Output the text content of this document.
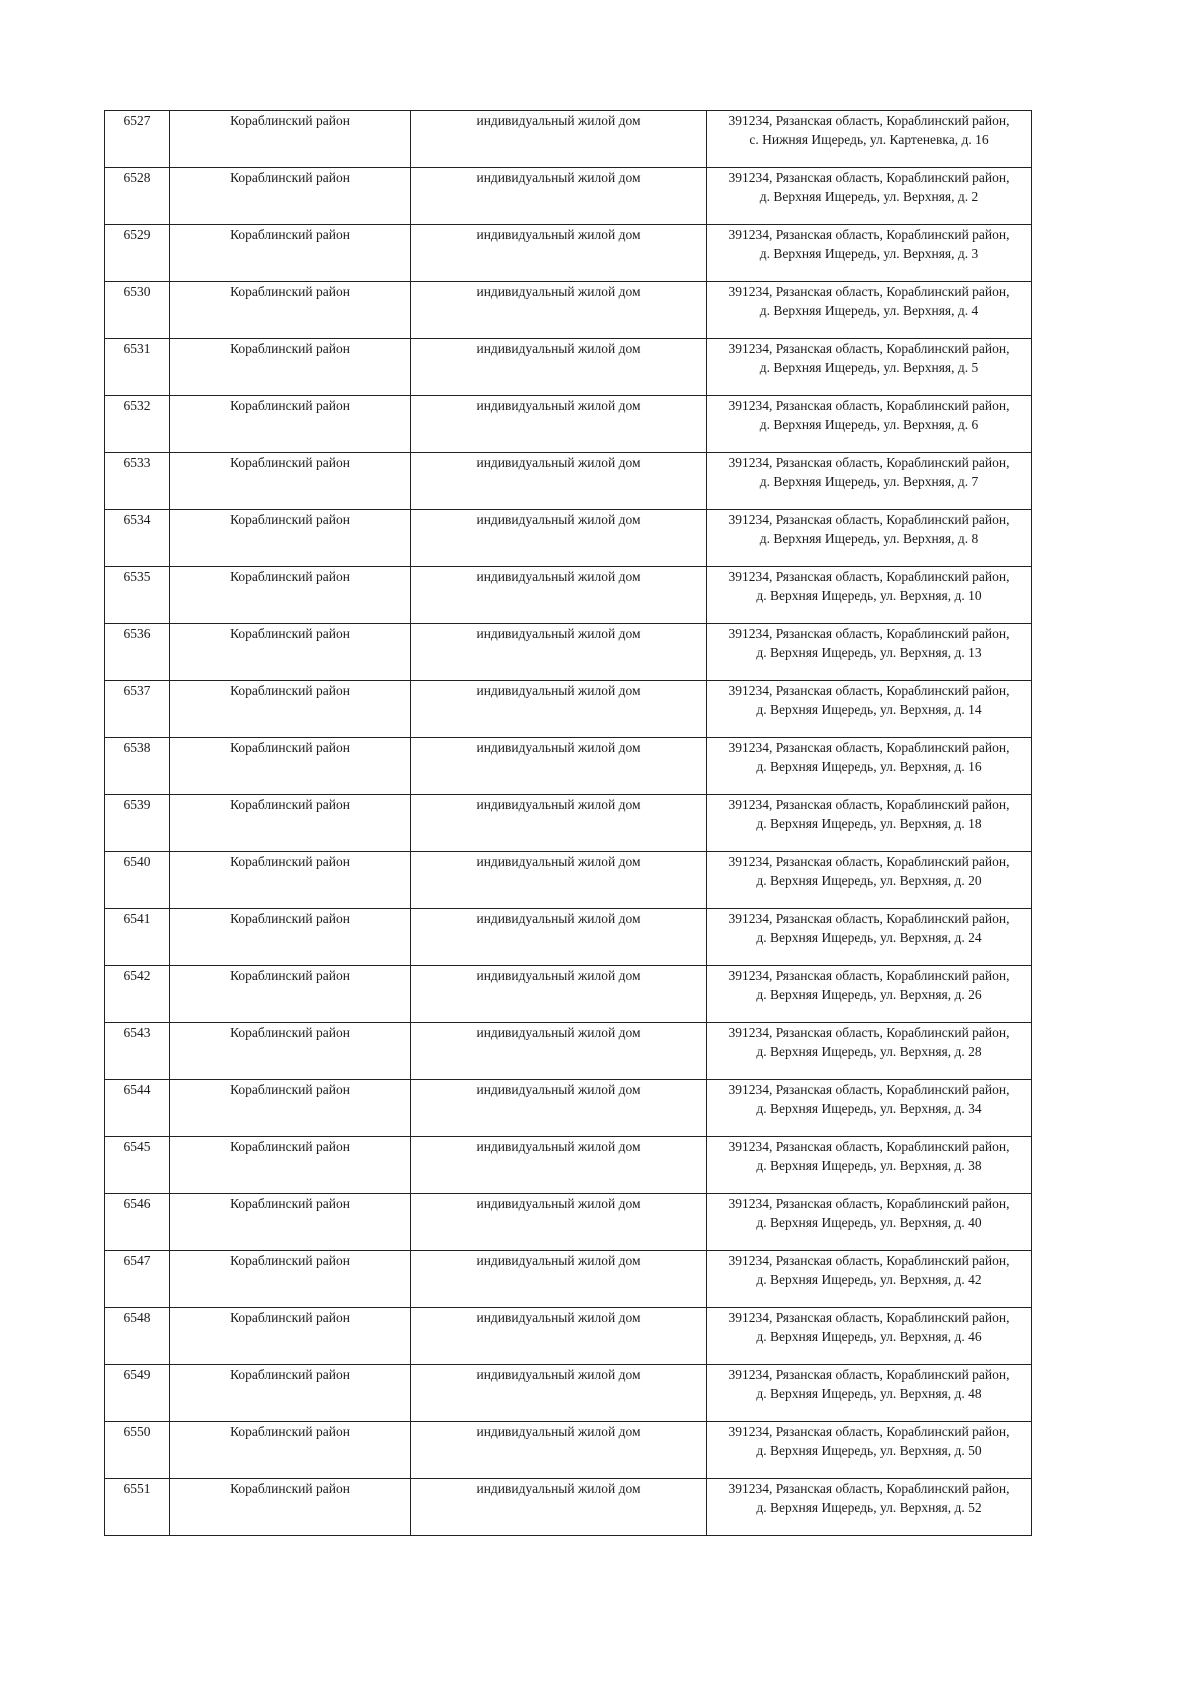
6527	Кораблинский район	индивидуальный жилой дом	391234, Рязанская область, Кораблинский район,
с. Нижняя Ищередь, ул. Картеневка, д. 16

6528	Кораблинский район	индивидуальный жилой дом	391234, Рязанская область, Кораблинский район,
д. Верхняя Ищередь, ул. Верхняя, д. 2

6529	Кораблинский район	индивидуальный жилой дом	391234, Рязанская область, Кораблинский район,
д. Верхняя Ищередь, ул. Верхняя, д. 3

6530	Кораблинский район	индивидуальный жилой дом	391234, Рязанская область, Кораблинский район,
д. Верхняя Ищередь, ул. Верхняя, д. 4

6531	Кораблинский район	индивидуальный жилой дом	391234, Рязанская область, Кораблинский район,
д. Верхняя Ищередь, ул. Верхняя, д. 5

6532	Кораблинский район	индивидуальный жилой дом	391234, Рязанская область, Кораблинский район,
д. Верхняя Ищередь, ул. Верхняя, д. 6

6533	Кораблинский район	индивидуальный жилой дом	391234, Рязанская область, Кораблинский район,
д. Верхняя Ищередь, ул. Верхняя, д. 7

6534	Кораблинский район	индивидуальный жилой дом	391234, Рязанская область, Кораблинский район,
д. Верхняя Ищередь, ул. Верхняя, д. 8

6535	Кораблинский район	индивидуальный жилой дом	391234, Рязанская область, Кораблинский район,
д. Верхняя Ищередь, ул. Верхняя, д. 10

6536	Кораблинский район	индивидуальный жилой дом	391234, Рязанская область, Кораблинский район,
д. Верхняя Ищередь, ул. Верхняя, д. 13

6537	Кораблинский район	индивидуальный жилой дом	391234, Рязанская область, Кораблинский район,
д. Верхняя Ищередь, ул. Верхняя, д. 14

6538	Кораблинский район	индивидуальный жилой дом	391234, Рязанская область, Кораблинский район,
д. Верхняя Ищередь, ул. Верхняя, д. 16

6539	Кораблинский район	индивидуальный жилой дом	391234, Рязанская область, Кораблинский район,
д. Верхняя Ищередь, ул. Верхняя, д. 18

6540	Кораблинский район	индивидуальный жилой дом	391234, Рязанская область, Кораблинский район,
д. Верхняя Ищередь, ул. Верхняя, д. 20

6541	Кораблинский район	индивидуальный жилой дом	391234, Рязанская область, Кораблинский район,
д. Верхняя Ищередь, ул. Верхняя, д. 24

6542	Кораблинский район	индивидуальный жилой дом	391234, Рязанская область, Кораблинский район,
д. Верхняя Ищередь, ул. Верхняя, д. 26

6543	Кораблинский район	индивидуальный жилой дом	391234, Рязанская область, Кораблинский район,
д. Верхняя Ищередь, ул. Верхняя, д. 28

6544	Кораблинский район	индивидуальный жилой дом	391234, Рязанская область, Кораблинский район,
д. Верхняя Ищередь, ул. Верхняя, д. 34

6545	Кораблинский район	индивидуальный жилой дом	391234, Рязанская область, Кораблинский район,
д. Верхняя Ищередь, ул. Верхняя, д. 38

6546	Кораблинский район	индивидуальный жилой дом	391234, Рязанская область, Кораблинский район,
д. Верхняя Ищередь, ул. Верхняя, д. 40

6547	Кораблинский район	индивидуальный жилой дом	391234, Рязанская область, Кораблинский район,
д. Верхняя Ищередь, ул. Верхняя, д. 42

6548	Кораблинский район	индивидуальный жилой дом	391234, Рязанская область, Кораблинский район,
д. Верхняя Ищередь, ул. Верхняя, д. 46

6549	Кораблинский район	индивидуальный жилой дом	391234, Рязанская область, Кораблинский район,
д. Верхняя Ищередь, ул. Верхняя, д. 48

6550	Кораблинский район	индивидуальный жилой дом	391234, Рязанская область, Кораблинский район,
д. Верхняя Ищередь, ул. Верхняя, д. 50

6551	Кораблинский район	индивидуальный жилой дом	391234, Рязанская область, Кораблинский район,
д. Верхняя Ищередь, ул. Верхняя, д. 52
